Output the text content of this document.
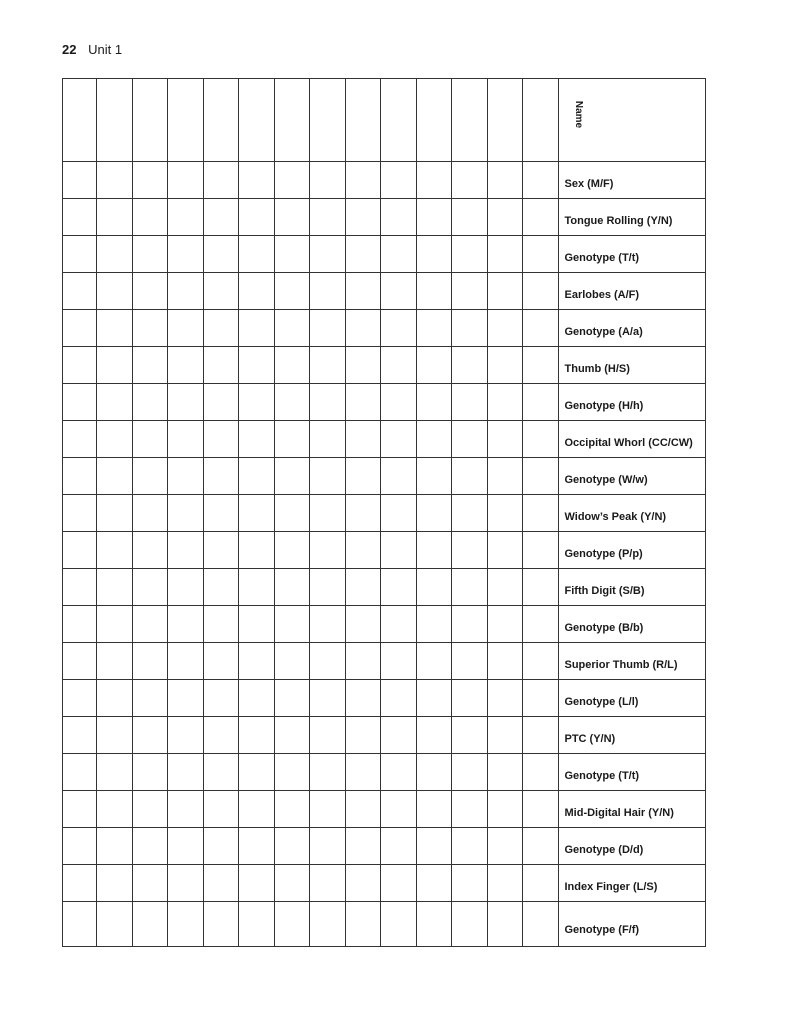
22 Unit 1
														Name
														Sex (M/F)
														Tongue Rolling (Y/N)
														Genotype (T/t)
														Earlobes (A/F)
														Genotype (A/a)
														Thumb (H/S)
														Genotype (H/h)
														Occipital Whorl (CC/CW)
														Genotype (W/w)
														Widow’s Peak (Y/N)
														Genotype (P/p)
														Fifth Digit (S/B)
														Genotype (B/b)
														Superior Thumb (R/L)
														Genotype (L/l)
														PTC (Y/N)
														Genotype (T/t)
														Mid-Digital Hair (Y/N)
														Genotype (D/d)
														Index Finger (L/S)
														Genotype (F/f)
